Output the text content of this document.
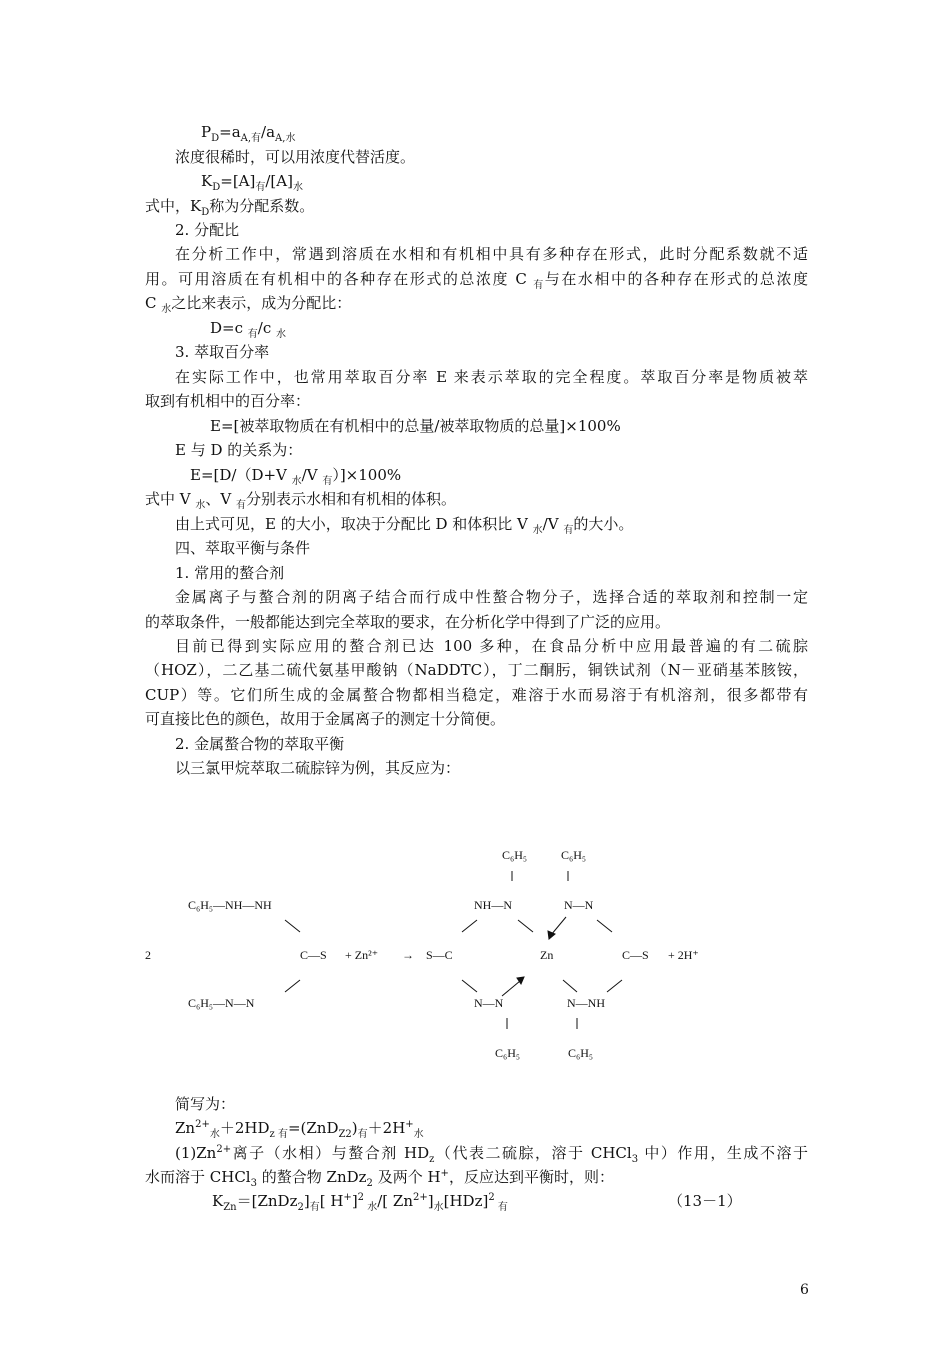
$P_D=a_{A,有}/a_{A,水}$
浓度很稀时，可以用浓度代替活度。
$K_D=[A]_有/[A]_水$
式中，$K_D$称为分配系数。
2. 分配比
在分析工作中，常遇到溶质在水相和有机相中具有多种存在形式，此时分配系数就不适
用。可用溶质在有机相中的各种存在形式的总浓度 C $_有$与在水相中的各种存在形式的总浓度
C $_水$之比来表示，成为分配比：
D=c $_有$/c $_水$
3. 萃取百分率
在实际工作中，也常用萃取百分率 E 来表示萃取的完全程度。萃取百分率是物质被萃
取到有机相中的百分率：
E=[被萃取物质在有机相中的总量/被萃取物质的总量]×100%
E 与 D 的关系为：
E=[D/（D+V $_水$/V $_有$）]×100%
式中 V $_水$、V $_有$分别表示水相和有机相的体积。
由上式可见，E 的大小，取决于分配比 D 和体积比 V $_水$/V $_有$的大小。
四、萃取平衡与条件
1. 常用的螯合剂
金属离子与螯合剂的阴离子结合而行成中性螯合物分子，选择合适的萃取剂和控制一定
的萃取条件，一般都能达到完全萃取的要求，在分析化学中得到了广泛的应用。
目前已得到实际应用的螯合剂已达 100 多种，在食品分析中应用最普遍的有二硫腙
（HOZ），二乙基二硫代氨基甲酸钠（NaDDTC），丁二酮肟，铜铁试剂（N－亚硝基苯胲铵，
CUP）等。它们所生成的金属螯合物都相当稳定，难溶于水而易溶于有机溶剂，很多都带有
可直接比色的颜色，故用于金属离子的测定十分简便。
2. 金属螯合物的萃取平衡
以三氯甲烷萃取二硫腙锌为例，其反应为：
2
C₆H₅—NH—NH
C₆H₅—N—N
C—S + Zn²⁺ → S—C
C₆H₅	C₆H₅
NH—N	N—N
Zn	C—S + 2H⁺
N—N	N—NH
C₆H₅	C₆H₅
简写为：
$Zn^{2+}_水+2HD_{z 有}=(ZnD_{Z2})_有+2H^+_水$
$(1)Zn^{2+}$离子（水相）与螯合剂 $HD_z$（代表二硫腙，溶于 CHCl$_3$ 中）作用，生成不溶于
水而溶于 CHCl$_3$ 的螯合物 ZnDz$_2$ 及两个 H+，反应达到平衡时，则：
$K_{Zn}=[ZnDz_2]_有$[ H+]$^2$ $_水$/[ $Zn^{2+}]_水[HDz]^2$ $_有$	（13－1）
6
